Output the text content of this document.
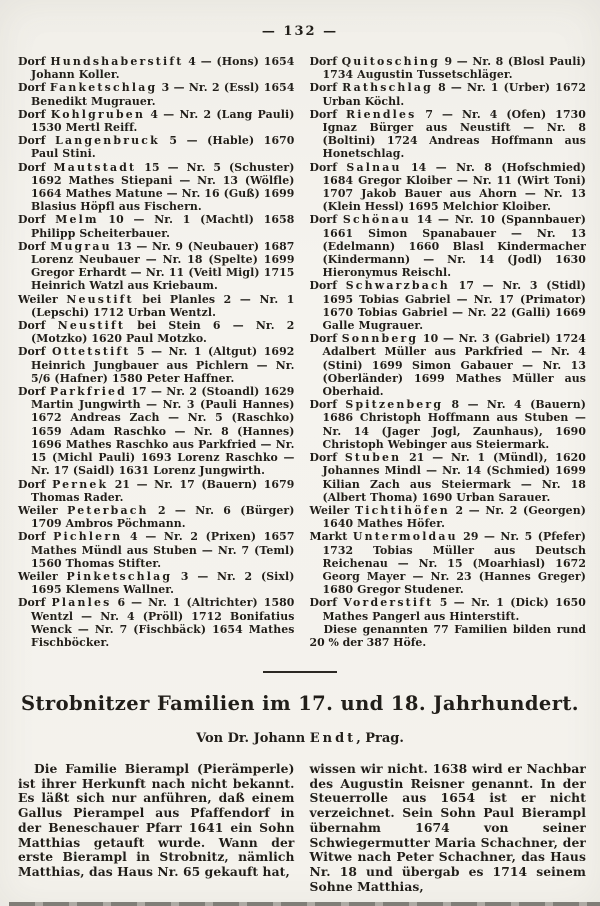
— 132 —

Dorf Hundshaberstift 4 — (Hons) 1654 Johann Koller.

Dorf Fanketschlag 3 — Nr. 2 (Essl) 1654 Benedikt Mugrauer.

Dorf Kohlgruben 4 — Nr. 2 (Lang Pauli) 1530 Mertl Reiff.

Dorf Langenbruck 5 — (Hable) 1670 Paul Stini.

Dorf Mautstadt 15 — Nr. 5 (Schuster) 1692 Mathes Stiepani — Nr. 13 (Wölfle) 1664 Mathes Matune — Nr. 16 (Guß) 1699 Blasius Höpfl aus Fischern.

Dorf Melm 10 — Nr. 1 (Machtl) 1658 Philipp Scheiterbauer.

Dorf Mugrau 13 — Nr. 9 (Neubauer) 1687 Lorenz Neubauer — Nr. 18 (Spelte) 1699 Gregor Erhardt — Nr. 11 (Veitl Migl) 1715 Heinrich Watzl aus Kriebaum.

Weiler Neustift bei Planles 2 — Nr. 1 (Lepschi) 1712 Urban Wentzl.

Dorf Neustift bei Stein 6 — Nr. 2 (Motzko) 1620 Paul Motzko.

Dorf Ottetstift 5 — Nr. 1 (Altgut) 1692 Heinrich Jungbauer aus Pichlern — Nr. 5/6 (Hafner) 1580 Peter Haffner.

Dorf Parkfried 17 — Nr. 2 (Stoandl) 1629 Martin Jungwirth — Nr. 3 (Pauli Hannes) 1672 Andreas Zach — Nr. 5 (Raschko) 1659 Adam Raschko — Nr. 8 (Hannes) 1696 Mathes Raschko aus Parkfried — Nr. 15 (Michl Pauli) 1693 Lorenz Raschko — Nr. 17 (Saidl) 1631 Lorenz Jungwirth.

Dorf Pernek 21 — Nr. 17 (Bauern) 1679 Thomas Rader.

Weiler Peterbach 2 — Nr. 6 (Bürger) 1709 Ambros Pöchmann.

Dorf Pichlern 4 — Nr. 2 (Prixen) 1657 Mathes Mündl aus Stuben — Nr. 7 (Teml) 1560 Thomas Stifter.

Weiler Pinketschlag 3 — Nr. 2 (Sixl) 1695 Klemens Wallner.

Dorf Planles 6 — Nr. 1 (Altrichter) 1580 Wentzl — Nr. 4 (Pröll) 1712 Bonifatius Wenck — Nr. 7 (Fischbäck) 1654 Mathes Fischböcker.

Dorf Quitosching 9 — Nr. 8 (Blosl Pauli) 1734 Augustin Tussetschläger.

Dorf Rathschlag 8 — Nr. 1 (Urber) 1672 Urban Köchl.

Dorf Riendles 7 — Nr. 4 (Ofen) 1730 Ignaz Bürger aus Neustift — Nr. 8 (Boltini) 1724 Andreas Hoffmann aus Honetschlag.

Dorf Salnau 14 — Nr. 8 (Hofschmied) 1684 Gregor Kloiber — Nr. 11 (Wirt Toni) 1707 Jakob Bauer aus Ahorn — Nr. 13 (Klein Hessl) 1695 Melchior Kloiber.

Dorf Schönau 14 — Nr. 10 (Spannbauer) 1661 Simon Spanabauer — Nr. 13 (Edelmann) 1660 Blasl Kindermacher (Kindermann) — Nr. 14 (Jodl) 1630 Hieronymus Reischl.

Dorf Schwarzbach 17 — Nr. 3 (Stidl) 1695 Tobias Gabriel — Nr. 17 (Primator) 1670 Tobias Gabriel — Nr. 22 (Galli) 1669 Galle Mugrauer.

Dorf Sonnberg 10 — Nr. 3 (Gabriel) 1724 Adalbert Müller aus Parkfried — Nr. 4 (Stini) 1699 Simon Gabauer — Nr. 13 (Oberländer) 1699 Mathes Müller aus Oberhaid.

Dorf Spitzenberg 8 — Nr. 4 (Bauern) 1686 Christoph Hoffmann aus Stuben — Nr. 14 (Jager Jogl, Zaunhaus), 1690 Christoph Webinger aus Steiermark.

Dorf Stuben 21 — Nr. 1 (Mündl), 1620 Johannes Mindl — Nr. 14 (Schmied) 1699 Kilian Zach aus Steiermark — Nr. 18 (Albert Thoma) 1690 Urban Sarauer.

Weiler Tichtihöfen 2 — Nr. 2 (Georgen) 1640 Mathes Höfer.

Markt Untermoldau 29 — Nr. 5 (Pfefer) 1732 Tobias Müller aus Deutsch Reichenau — Nr. 15 (Moarhiasl) 1672 Georg Mayer — Nr. 23 (Hannes Greger) 1680 Gregor Studener.

Dorf Vorderstift 5 — Nr. 1 (Dick) 1650 Mathes Pangerl aus Hinterstift.

Diese genannten 77 Familien bilden rund 20 % der 387 Höfe.

Strobnitzer Familien im 17. und 18. Jahrhundert.
Von Dr. Johann Endt, Prag.

Die Familie Bierampl (Pierämperle) ist ihrer Herkunft nach nicht bekannt. Es läßt sich nur anführen, daß einem Gallus Pierampel aus Pfaffendorf in der Beneschauer Pfarr 1641 ein Sohn Matthias getauft wurde. Wann der erste Bierampl in Strobnitz, nämlich Matthias, das Haus Nr. 65 gekauft hat,

wissen wir nicht. 1638 wird er Nachbar des Augustin Reisner genannt. In der Steuerrolle aus 1654 ist er nicht verzeichnet. Sein Sohn Paul Bierampl übernahm 1674 von seiner Schwiegermutter Maria Schachner, der Witwe nach Peter Schachner, das Haus Nr. 18 und übergab es 1714 seinem Sohne Matthias,
